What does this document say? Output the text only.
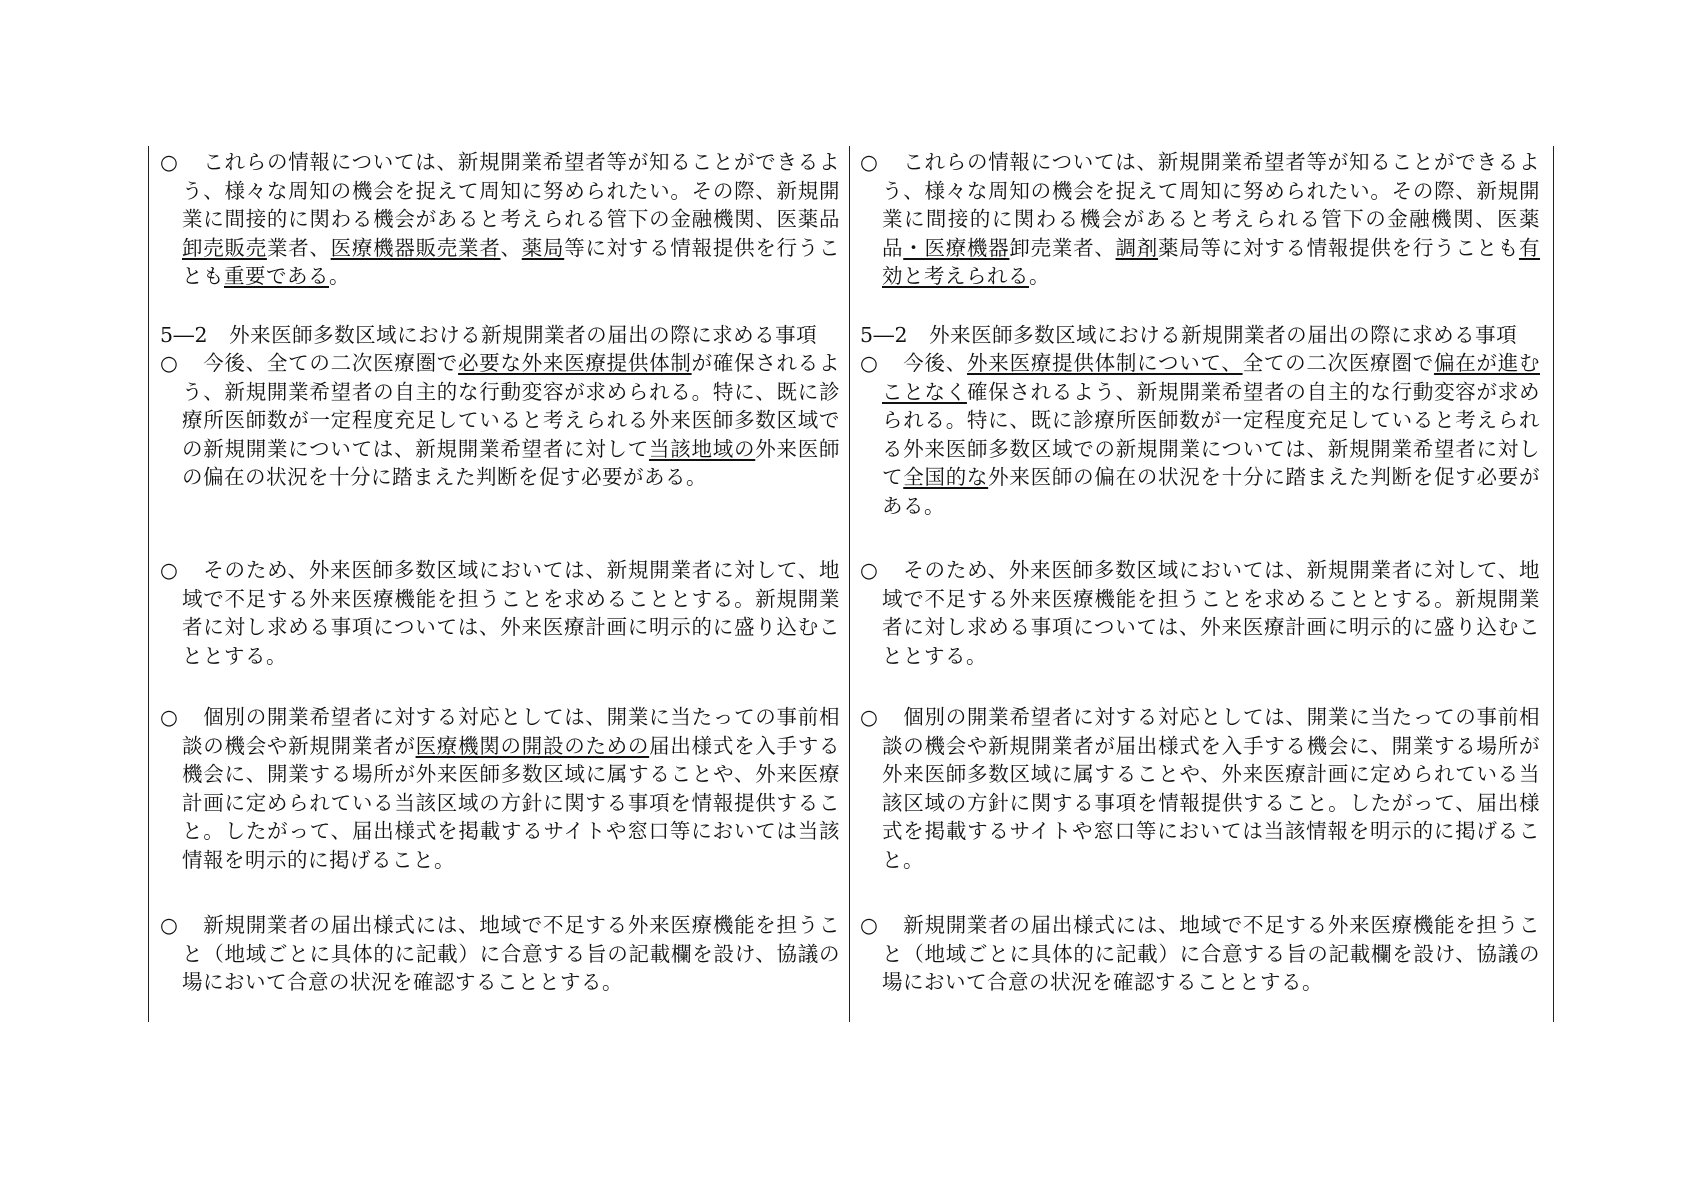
○ 　これらの情報については、新規開業希望者等が知ることができるよう、様々な周知の機会を捉えて周知に努められたい。その際、新規開業に間接的に関わる機会があると考えられる管下の金融機関、医薬品卸売販売業者、医療機器販売業者、薬局等に対する情報提供を行うことも重要である。

5―2　外来医師多数区域における新規開業者の届出の際に求める事項

○ 　今後、全ての二次医療圏で必要な外来医療提供体制が確保されるよう、新規開業希望者の自主的な行動変容が求められる。特に、既に診療所医師数が一定程度充足していると考えられる外来医師多数区域での新規開業については、新規開業希望者に対して当該地域の外来医師の偏在の状況を十分に踏まえた判断を促す必要がある。

○ 　そのため、外来医師多数区域においては、新規開業者に対して、地域で不足する外来医療機能を担うことを求めることとする。新規開業者に対し求める事項については、外来医療計画に明示的に盛り込むこととする。

○ 　個別の開業希望者に対する対応としては、開業に当たっての事前相談の機会や新規開業者が医療機関の開設のための届出様式を入手する機会に、開業する場所が外来医師多数区域に属することや、外来医療計画に定められている当該区域の方針に関する事項を情報提供すること。したがって、届出様式を掲載するサイトや窓口等においては当該情報を明示的に掲げること。

○ 　新規開業者の届出様式には、地域で不足する外来医療機能を担うこと（地域ごとに具体的に記載）に合意する旨の記載欄を設け、協議の場において合意の状況を確認することとする。

○ 　これらの情報については、新規開業希望者等が知ることができるよう、様々な周知の機会を捉えて周知に努められたい。その際、新規開業に間接的に関わる機会があると考えられる管下の金融機関、医薬品・医療機器卸売業者、調剤薬局等に対する情報提供を行うことも有効と考えられる。

5―2　外来医師多数区域における新規開業者の届出の際に求める事項

○ 　今後、外来医療提供体制について、全ての二次医療圏で偏在が進むことなく確保されるよう、新規開業希望者の自主的な行動変容が求められる。特に、既に診療所医師数が一定程度充足していると考えられる外来医師多数区域での新規開業については、新規開業希望者に対して全国的な外来医師の偏在の状況を十分に踏まえた判断を促す必要がある。

○ 　そのため、外来医師多数区域においては、新規開業者に対して、地域で不足する外来医療機能を担うことを求めることとする。新規開業者に対し求める事項については、外来医療計画に明示的に盛り込むこととする。

○ 　個別の開業希望者に対する対応としては、開業に当たっての事前相談の機会や新規開業者が届出様式を入手する機会に、開業する場所が外来医師多数区域に属することや、外来医療計画に定められている当該区域の方針に関する事項を情報提供すること。したがって、届出様式を掲載するサイトや窓口等においては当該情報を明示的に掲げること。

○ 　新規開業者の届出様式には、地域で不足する外来医療機能を担うこと（地域ごとに具体的に記載）に合意する旨の記載欄を設け、協議の場において合意の状況を確認することとする。
